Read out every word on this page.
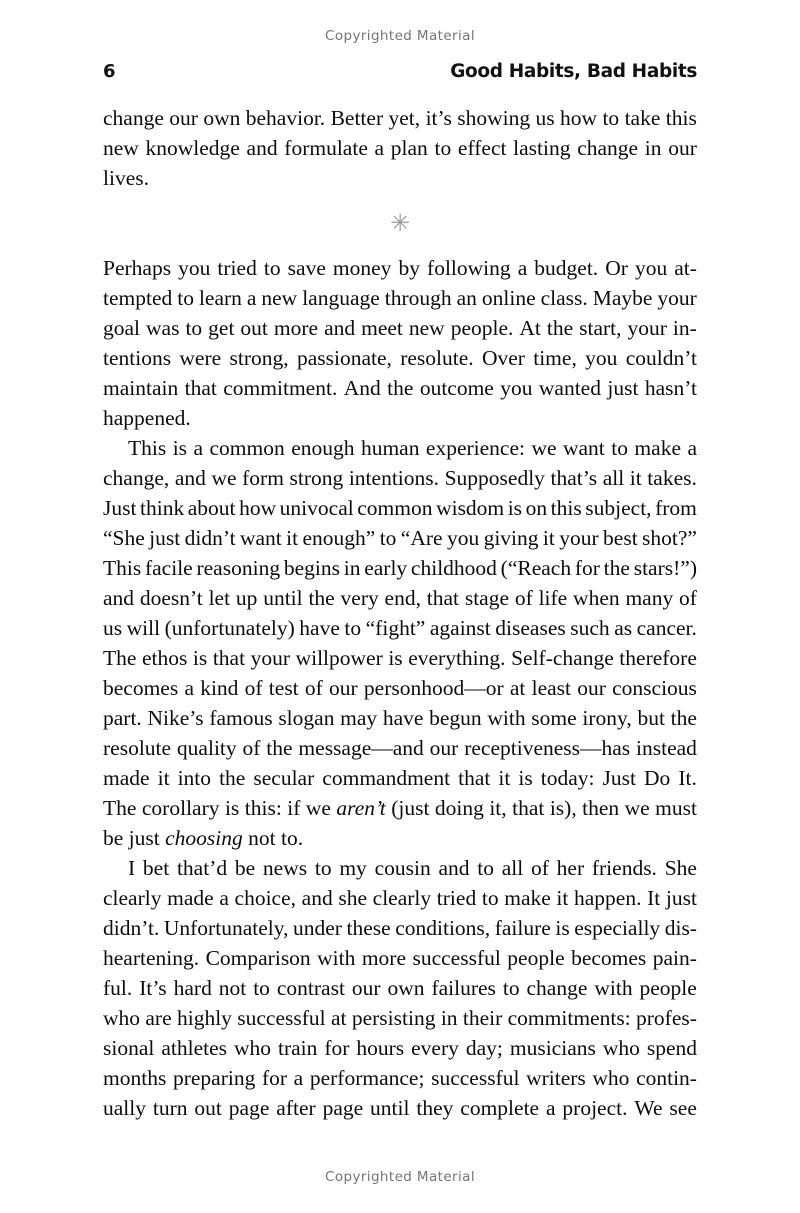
Copyrighted Material
6	Good Habits, Bad Habits

change our own behavior. Better yet, it’s showing us how to take this
new knowledge and formulate a plan to effect lasting change in our
lives.

✳

Perhaps you tried to save money by following a budget. Or you at-
tempted to learn a new language through an online class. Maybe your
goal was to get out more and meet new people. At the start, your in-
tentions were strong, passionate, resolute. Over time, you couldn’t
maintain that commitment. And the outcome you wanted just hasn’t
happened.

This is a common enough human experience: we want to make a
change, and we form strong intentions. Supposedly that’s all it takes.
Just think about how univocal common wisdom is on this subject, from
“She just didn’t want it enough” to “Are you giving it your best shot?”
This facile reasoning begins in early childhood (“Reach for the stars!”)
and doesn’t let up until the very end, that stage of life when many of
us will (unfortunately) have to “fight” against diseases such as cancer.
The ethos is that your willpower is everything. Self-change therefore
becomes a kind of test of our personhood—or at least our conscious
part. Nike’s famous slogan may have begun with some irony, but the
resolute quality of the message—and our receptiveness—has instead
made it into the secular commandment that it is today: Just Do It.
The corollary is this: if we aren’t (just doing it, that is), then we must
be just choosing not to.

I bet that’d be news to my cousin and to all of her friends. She
clearly made a choice, and she clearly tried to make it happen. It just
didn’t. Unfortunately, under these conditions, failure is especially dis-
heartening. Comparison with more successful people becomes pain-
ful. It’s hard not to contrast our own failures to change with people
who are highly successful at persisting in their commitments: profes-
sional athletes who train for hours every day; musicians who spend
months preparing for a performance; successful writers who contin-
ually turn out page after page until they complete a project. We see

Copyrighted Material
